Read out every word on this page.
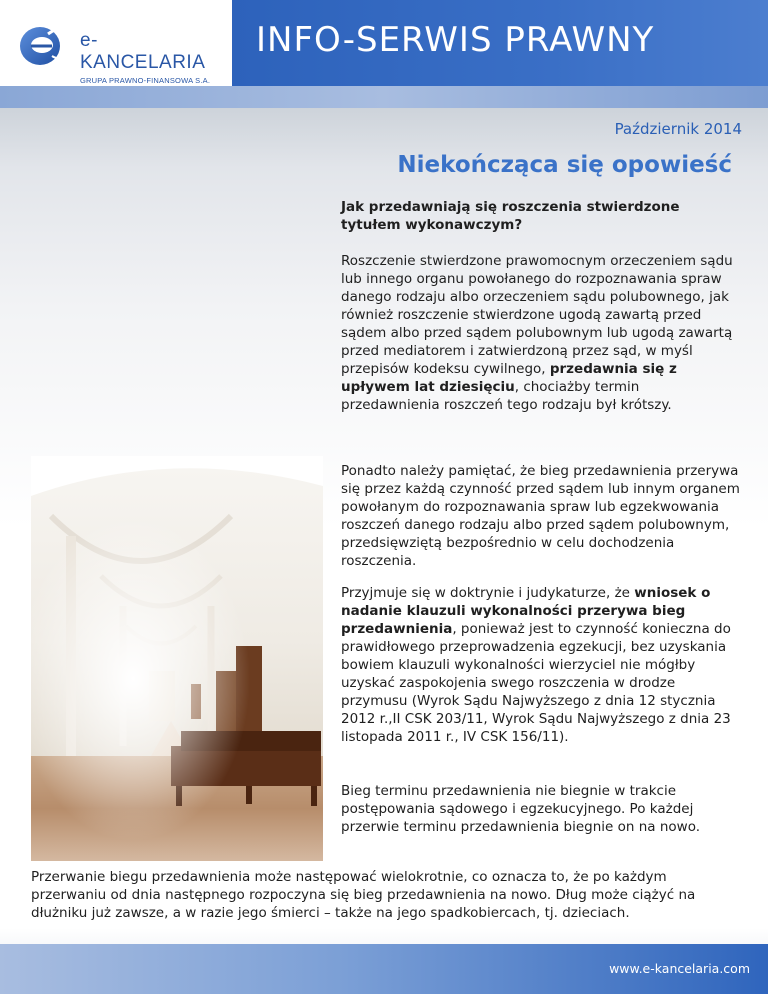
e-KANCELARIA
GRUPA PRAWNO-FINANSOWA S.A.
INFO-SERWIS PRAWNY
Październik 2014
Niekończąca się opowieść

Jak przedawniają się roszczenia stwierdzone tytułem wykonawczym?

Roszczenie stwierdzone prawomocnym orzeczeniem sądu lub innego organu powołanego do rozpoznawania spraw danego rodzaju albo orzeczeniem sądu polubownego, jak również roszczenie stwierdzone ugodą zawartą przed sądem albo przed sądem polubownym lub ugodą zawartą przed mediatorem i zatwierdzoną przez sąd, w myśl przepisów kodeksu cywilnego, przedawnia się z upływem lat dziesięciu, chociażby termin przedawnienia roszczeń tego rodzaju był krótszy.

Ponadto należy pamiętać, że bieg przedawnienia przerywa się przez każdą czynność przed sądem lub innym organem powołanym do rozpoznawania spraw lub egzekwowania roszczeń danego rodzaju albo przed sądem polubownym, przedsięwziętą bezpośrednio w celu dochodzenia roszczenia.

Przyjmuje się w doktrynie i judykaturze, że wniosek o nadanie klauzuli wykonalności przerywa bieg przedawnienia, ponieważ jest to czynność konieczna do prawidłowego przeprowadzenia egzekucji, bez uzyskania bowiem klauzuli wykonalności wierzyciel nie mógłby uzyskać zaspokojenia swego roszczenia w drodze przymusu (Wyrok Sądu Najwyższego z dnia 12 stycznia 2012 r.,II CSK 203/11, Wyrok Sądu Najwyższego z dnia 23 listopada 2011 r., IV CSK 156/11).

Bieg terminu przedawnienia nie biegnie w trakcie postępowania sądowego i egzekucyjnego. Po każdej przerwie terminu przedawnienia biegnie on na nowo.

Przerwanie biegu przedawnienia może następować wielokrotnie, co oznacza to, że po każdym przerwaniu od dnia następnego rozpoczyna się bieg przedawnienia na nowo. Dług może ciążyć na dłużniku już zawsze, a w razie jego śmierci – także na jego spadkobiercach, tj. dzieciach.

www.e-kancelaria.com
